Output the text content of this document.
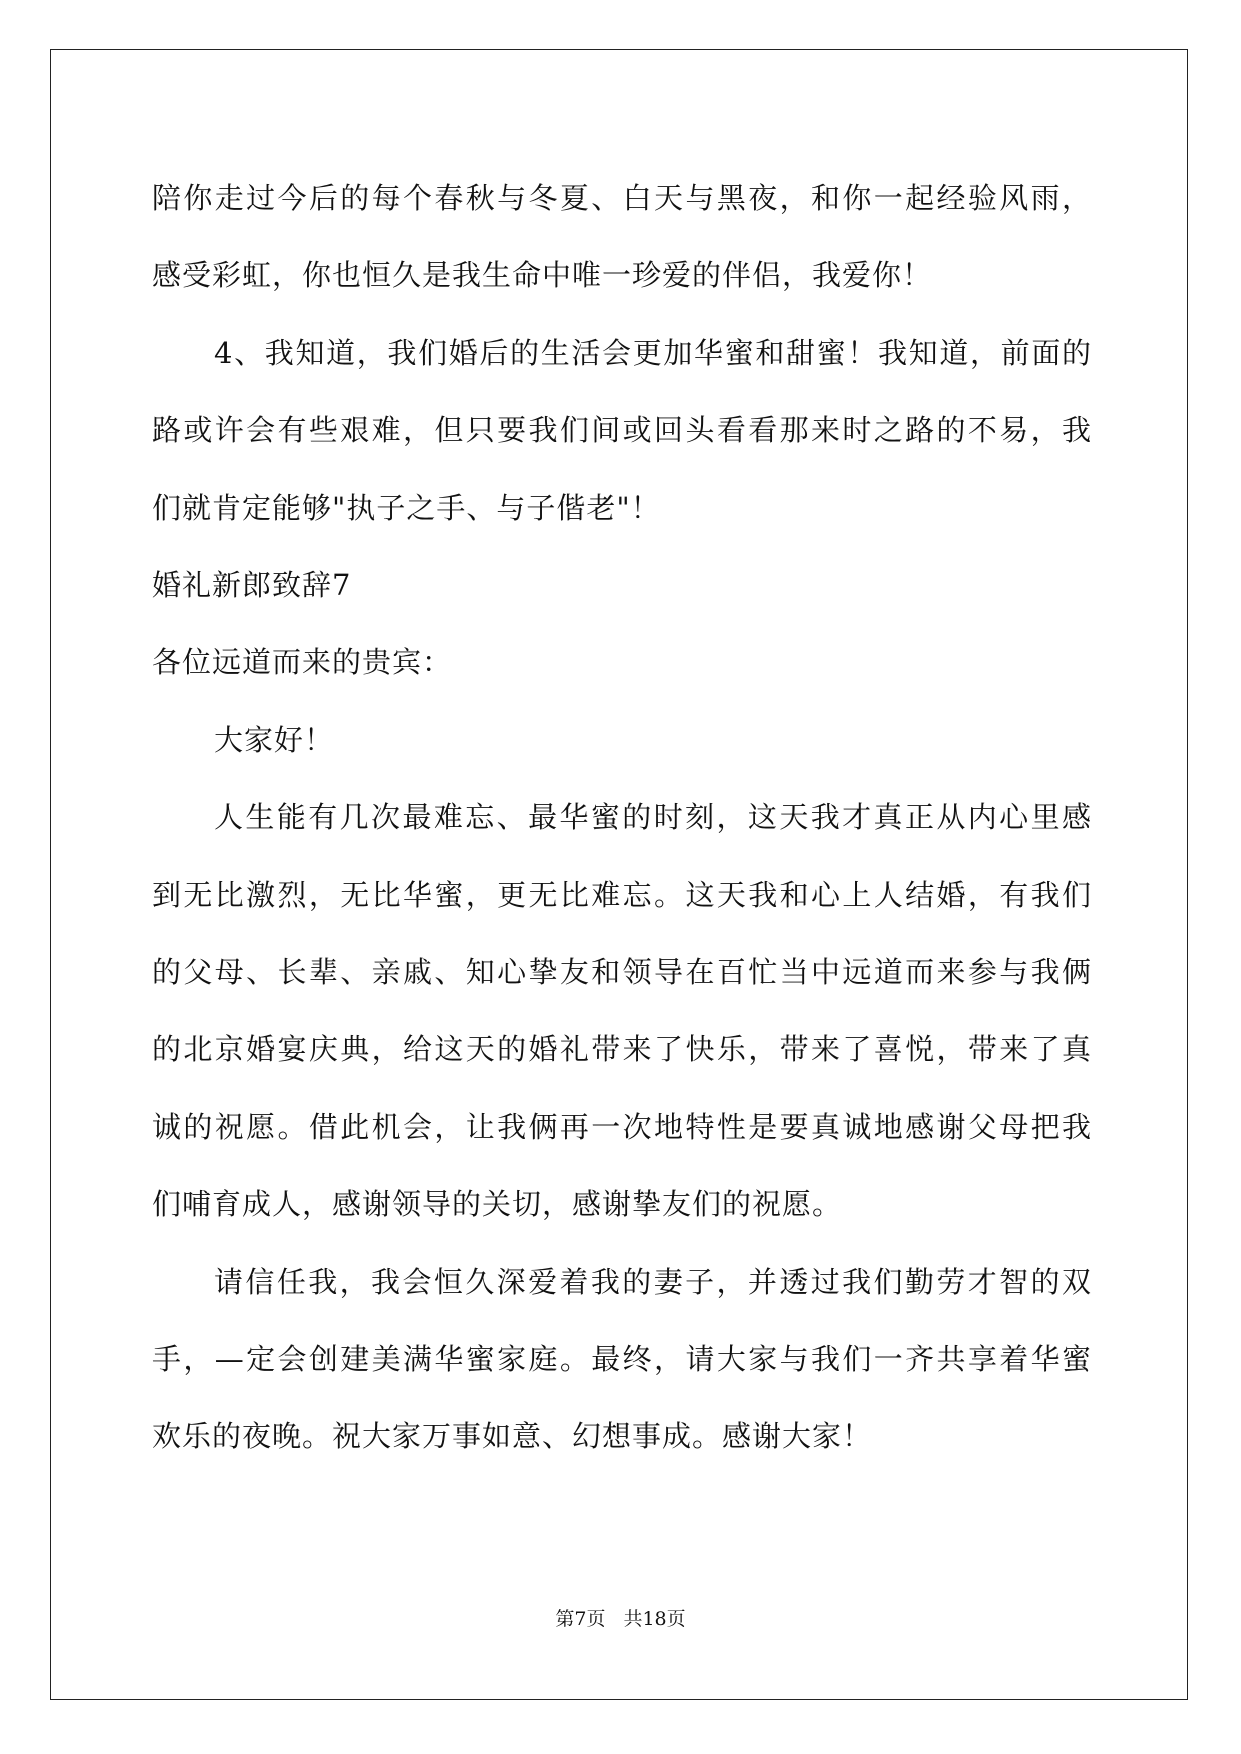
陪你走过今后的每个春秋与冬夏、白天与黑夜，和你一起经验风雨，
感受彩虹，你也恒久是我生命中唯一珍爱的伴侣，我爱你！
4、我知道，我们婚后的生活会更加华蜜和甜蜜！我知道，前面的
路或许会有些艰难，但只要我们间或回头看看那来时之路的不易，我
们就肯定能够"执子之手、与子偕老"！
婚礼新郎致辞7
各位远道而来的贵宾：
大家好！
人生能有几次最难忘、最华蜜的时刻，这天我才真正从内心里感
到无比激烈，无比华蜜，更无比难忘。这天我和心上人结婚，有我们
的父母、长辈、亲戚、知心挚友和领导在百忙当中远道而来参与我俩
的北京婚宴庆典，给这天的婚礼带来了快乐，带来了喜悦，带来了真
诚的祝愿。借此机会，让我俩再一次地特性是要真诚地感谢父母把我
们哺育成人，感谢领导的关切，感谢挚友们的祝愿。
请信任我，我会恒久深爱着我的妻子，并透过我们勤劳才智的双
手，—定会创建美满华蜜家庭。最终，请大家与我们一齐共享着华蜜
欢乐的夜晚。祝大家万事如意、幻想事成。感谢大家！
第7页 共18页
